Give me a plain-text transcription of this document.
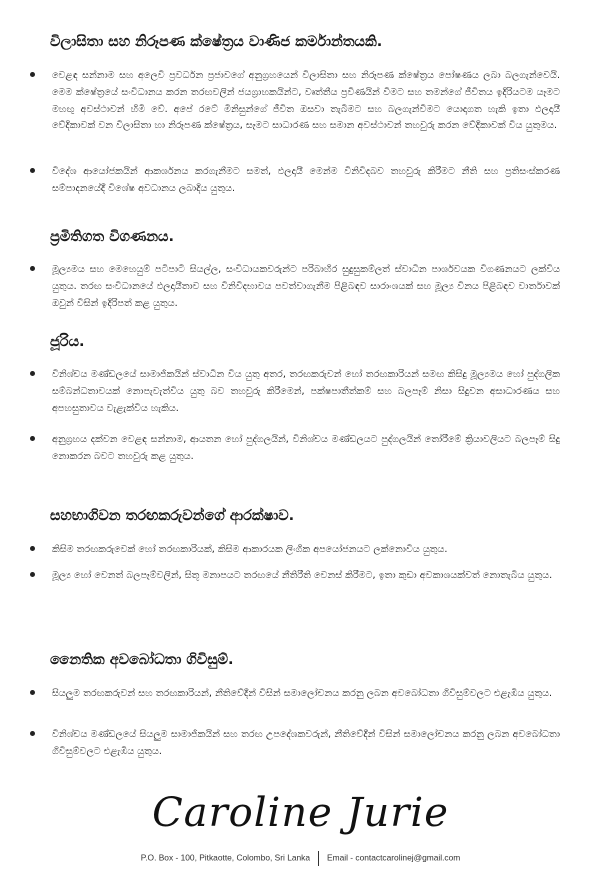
විලාසිතා සහ නිරූපණ ක්ෂේත්‍රය වාණිජ කර්මාන්තයකි.
වෙළඳ සන්නාම සහ අලෙවි ප්‍රවර්ධන ප්‍රජාවගේ අනුග්‍රහයෙන් විලාසිතා සහ නිරූපණ ක්ෂේත්‍රය පෝෂණය ලබා බලගැන්වෙයි. මෙම ක්ෂේත්‍රයේ සංවිධානය කරන තරඟවලින් ජයග්‍රාහකයින්ට, වෘත්තීය ප්‍රවීණයින් වීමට සහ තමන්ගේ ජීවිතය ඉදිරියටම යෑමට මහඟු අවස්ථාවන් හිමි වේ. අපේ රටේ මිනිසුන්ගේ ජීවිත ඔසවා තැබීමට සහ බලගැන්වීමට යොදාගත හැකි ඉතා ඵලදායී වේදිකාවක් වන විලාසිතා හා නිරූපණ ක්ෂේත්‍රය, සෑමට සාධාරණ සහ සමාන අවස්ථාවන් තහවුරු කරන වේදිකාවක් විය යුතුමය.
විදේශ ආයෝජකයින් ආකර්ශනය කරගැනීමට සමත්, ඵලදායී මෙන්ම විනිවිදබව තහවුරු කිරීමට නීති සහ ප්‍රතිසංස්කරණ සම්පාදනයේදී විශේෂ අවධානය ලබාදිය යුතුය.
ප්‍රමිතිගත විගණනය.
මූල්‍යමය සහ මෙහෙයුම් පටිපාටි සියල්ල, සංවිධායකවරුන්ට පරිබාහිර සුදුසුකම්ලත් ස්වාධීන පාර්ශවයක විගණනයට ලක්විය යුතුය. තරඟ සංවිධානයේ ඵලදායීතාව සහ විනිවිදභාවය පවත්වාගැනීම පිළිබඳව සාරාංශයක් සහ මූල්‍ය විනය පිළිබඳව වාර්තාවක් ඔවුන් විසින් ඉදිරිපත් කළ යුතුය.
ජූරිය.
විනිශ්චය මණ්ඩලයේ සාමාජිකයින් ස්වාධීන විය යුතු අතර, තරඟකරුවන් හෝ තරඟකාරියන් සමඟ කිසිදු මූල්‍යමය හෝ පුද්ගලික සම්බන්ධතාවයක් නොපැවැත්විය යුතු බව තහවුරු කිරීමෙන්, පක්ෂපාතීත්කම් සහ බලපෑම් නිසා සිදුවන අසාධාරණය සහ අපහසුතාවය වැළැක්විය හැකිය.
අනුග්‍රහය දක්වන වෙළඳ සන්නාම, ආයතන හෝ පුද්ගලයින්, විනිශ්චය මණ්ඩලයට පුද්ගලයින් තෝරීමේ ක්‍රියාවලියට බලපෑම් සිදු නොකරන බවට තහවුරු කළ යුතුය.
සහභාගිවන තරඟකරුවන්ගේ ආරක්ෂාව.
කිසිම තරඟකරුවෙක් හෝ තරඟකාරියක්, කිසිම ආකාරයක ලිංගික අපයෝජනයට ලක්නොවිය යුතුය.
මූල්‍ය හෝ වෙනත් බලපෑම්වලින්, සිතූ මනාපයට තරඟයේ නීතිරීති වෙනස් කිරීමට, ඉතා කුඩා අවකාශයක්වත් නොතැබිය යුතුය.
නෛතික අවබෝධතා ගිවිසුම්.
සියලුම තරඟකරුවන් සහ තරඟකාරියන්, නීතිවේදීන් විසින් සමාලෝචනය කරනු ලබන අවබෝධතා ගිවිසුම්වලට එළැඹිය යුතුය.
විනිශ්චය මණ්ඩලයේ සියලුම සාමාජිකයින් සහ තරඟ උපදේශකවරුන්, නීතිවේදීන් විසින් සමාලෝචනය කරනු ලබන අවබෝධතා ගිවිසුම්වලට එළැඹිය යුතුය.
Caroline Jurie
P.O. Box - 100, Pitkaotte, Colombo, Sri Lanka Email - contactcarolinej@gmail.com
